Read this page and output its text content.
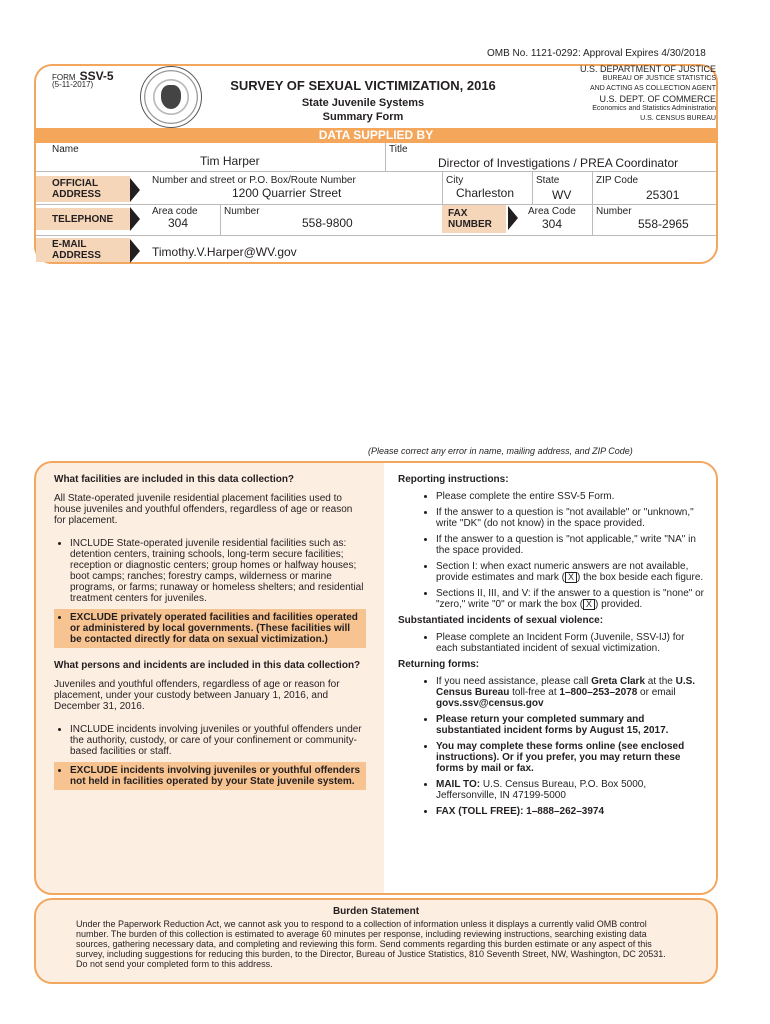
OMB No. 1121-0292: Approval Expires 4/30/2018
FORM SSV-5
(5-11-2017)	SURVEY OF SEXUAL VICTIMIZATION, 2016
State Juvenile Systems
Summary Form
U.S. DEPARTMENT OF JUSTICE
BUREAU OF JUSTICE STATISTICS
AND ACTING AS COLLECTION AGENT
U.S. DEPT. OF COMMERCE
Economics and Statistics Administration
U.S. CENSUS BUREAU
DATA SUPPLIED BY
Name
Tim Harper
Title
Director of Investigations / PREA Coordinator
OFFICIAL
ADDRESS
Number and street or P.O. Box/Route Number
1200 Quarrier Street
City
Charleston
State
WV
ZIP Code
25301
TELEPHONE
Area code
304
Number
558-9800
FAX
NUMBER
Area Code
304
Number
558-2965
E-MAIL
ADDRESS	Timothy.V.Harper@WV.gov
(Please correct any error in name, mailing address, and ZIP Code)
What facilities are included in this data collection?
All State-operated juvenile residential placement facilities used to house juveniles and youthful offenders, regardless of age or reason for placement.
• INCLUDE State-operated juvenile residential facilities such as: detention centers, training schools, long-term secure facilities; reception or diagnostic centers; group homes or halfway houses; boot camps; ranches; forestry camps, wilderness or marine programs, or farms; runaway or homeless shelters; and residential treatment centers for juveniles.
• EXCLUDE privately operated facilities and facilities operated or administered by local governments. (These facilities will be contacted directly for data on sexual victimization.)
What persons and incidents are included in this data collection?
Juveniles and youthful offenders, regardless of age or reason for placement, under your custody between January 1, 2016, and December 31, 2016.
• INCLUDE incidents involving juveniles or youthful offenders under the authority, custody, or care of your confinement or community-based facilities or staff.
• EXCLUDE incidents involving juveniles or youthful offenders not held in facilities operated by your State juvenile system.
Reporting instructions:
• Please complete the entire SSV-5 Form.
• If the answer to a question is "not available" or "unknown," write "DK" (do not know) in the space provided.
• If the answer to a question is "not applicable," write "NA" in the space provided.
• Section I: when exact numeric answers are not available, provide estimates and mark ( X ) the box beside each figure.
• Sections II, III, and V: if the answer to a question is "none" or "zero," write "0" or mark the box ( X ) provided.
Substantiated incidents of sexual violence:
• Please complete an Incident Form (Juvenile, SSV-IJ) for each substantiated incident of sexual victimization.
Returning forms:
• If you need assistance, please call Greta Clark at the U.S. Census Bureau toll-free at 1–800–253–2078 or email govs.ssv@census.gov
• Please return your completed summary and substantiated incident forms by August 15, 2017.
• You may complete these forms online (see enclosed instructions). Or if you prefer, you may return these forms by mail or fax.
• MAIL TO: U.S. Census Bureau, P.O. Box 5000, Jeffersonville, IN 47199-5000
• FAX (TOLL FREE): 1–888–262–3974
Burden Statement
Under the Paperwork Reduction Act, we cannot ask you to respond to a collection of information unless it displays a currently valid OMB control number. The burden of this collection is estimated to average 60 minutes per response, including reviewing instructions, searching existing data sources, gathering necessary data, and completing and reviewing this form. Send comments regarding this burden estimate or any aspect of this survey, including suggestions for reducing this burden, to the Director, Bureau of Justice Statistics, 810 Seventh Street, NW, Washington, DC 20531. Do not send your completed form to this address.
